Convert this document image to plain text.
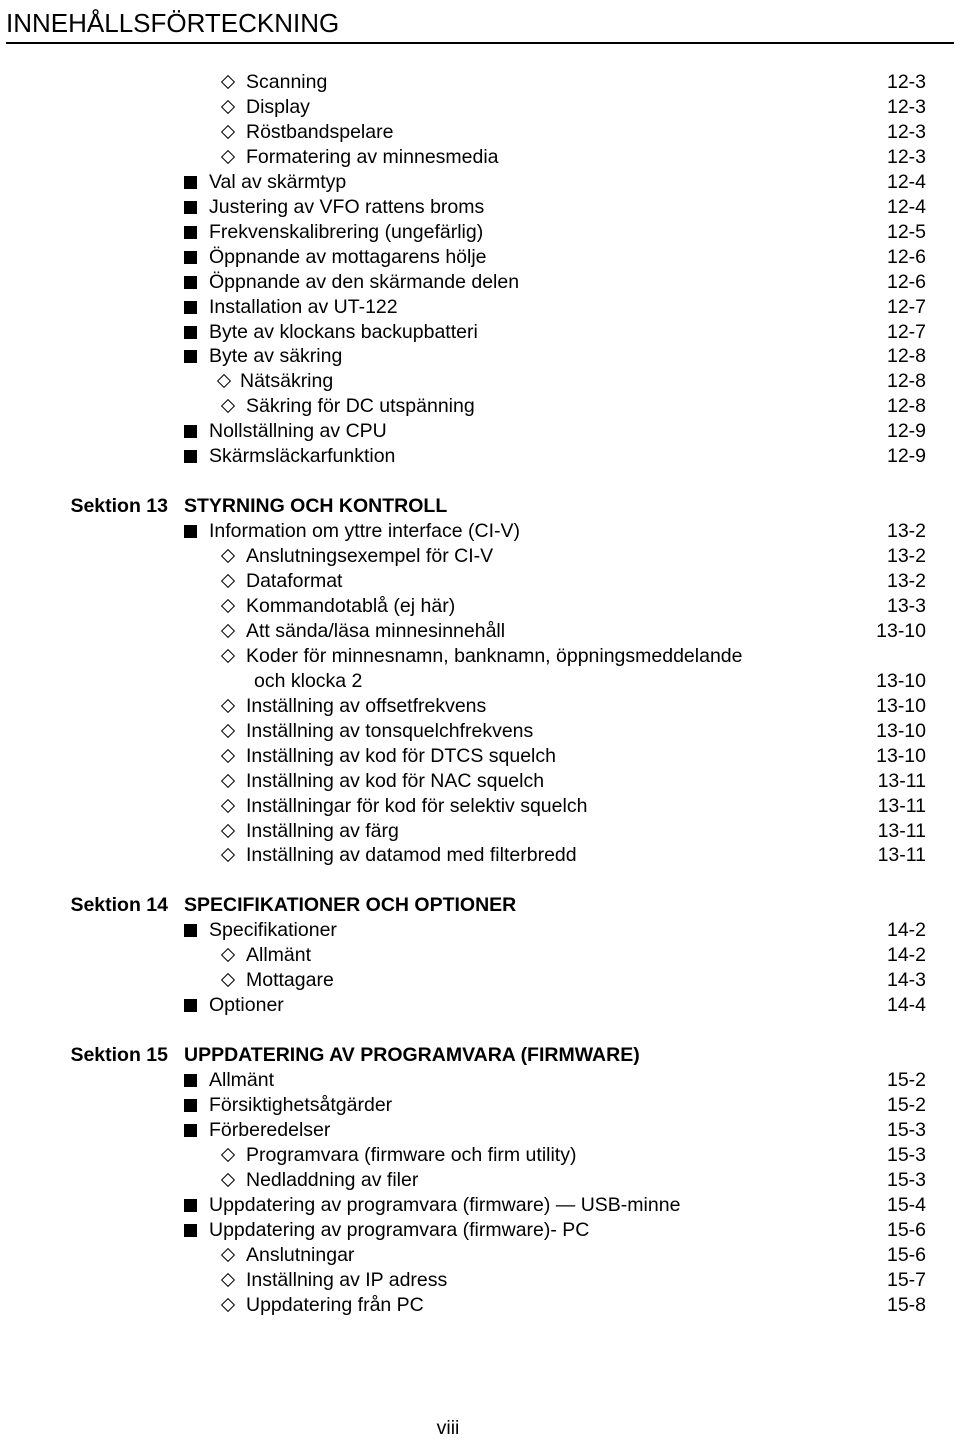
INNEHÅLLSFÖRTECKNING
Scanning	12-3
Display	12-3
Röstbandspelare	12-3
Formatering av minnesmedia	12-3
Val av skärmtyp	12-4
Justering av VFO rattens broms	12-4
Frekvenskalibrering (ungefärlig)	12-5
Öppnande av mottagarens hölje	12-6
Öppnande av den skärmande delen	12-6
Installation av UT-122	12-7
Byte av klockans backupbatteri	12-7
Byte av säkring	12-8
Nätsäkring	12-8
Säkring för DC utspänning	12-8
Nollställning av CPU	12-9
Skärmsläckarfunktion	12-9
Sektion 13 STYRNING OCH KONTROLL
Information om yttre interface (CI-V)	13-2
Anslutningsexempel för CI-V	13-2
Dataformat	13-2
Kommandotablå (ej här)	13-3
Att sända/läsa minnesinnehåll	13-10
Koder för minnesnamn, banknamn, öppningsmeddelande
och klocka 2	13-10
Inställning av offsetfrekvens	13-10
Inställning av tonsquelchfrekvens	13-10
Inställning av kod för DTCS squelch	13-10
Inställning av kod för NAC squelch	13-11
Inställningar för kod för selektiv squelch	13-11
Inställning av färg	13-11
Inställning av datamod med filterbredd	13-11
Sektion 14 SPECIFIKATIONER OCH OPTIONER
Specifikationer	14-2
Allmänt	14-2
Mottagare	14-3
Optioner	14-4
Sektion 15 UPPDATERING AV PROGRAMVARA (FIRMWARE)
Allmänt	15-2
Försiktighetsåtgärder	15-2
Förberedelser	15-3
Programvara (firmware och firm utility)	15-3
Nedladdning av filer	15-3
Uppdatering av programvara (firmware) — USB-minne	15-4
Uppdatering av programvara (firmware)- PC	15-6
Anslutningar	15-6
Inställning av IP adress	15-7
Uppdatering från PC	15-8
viii
